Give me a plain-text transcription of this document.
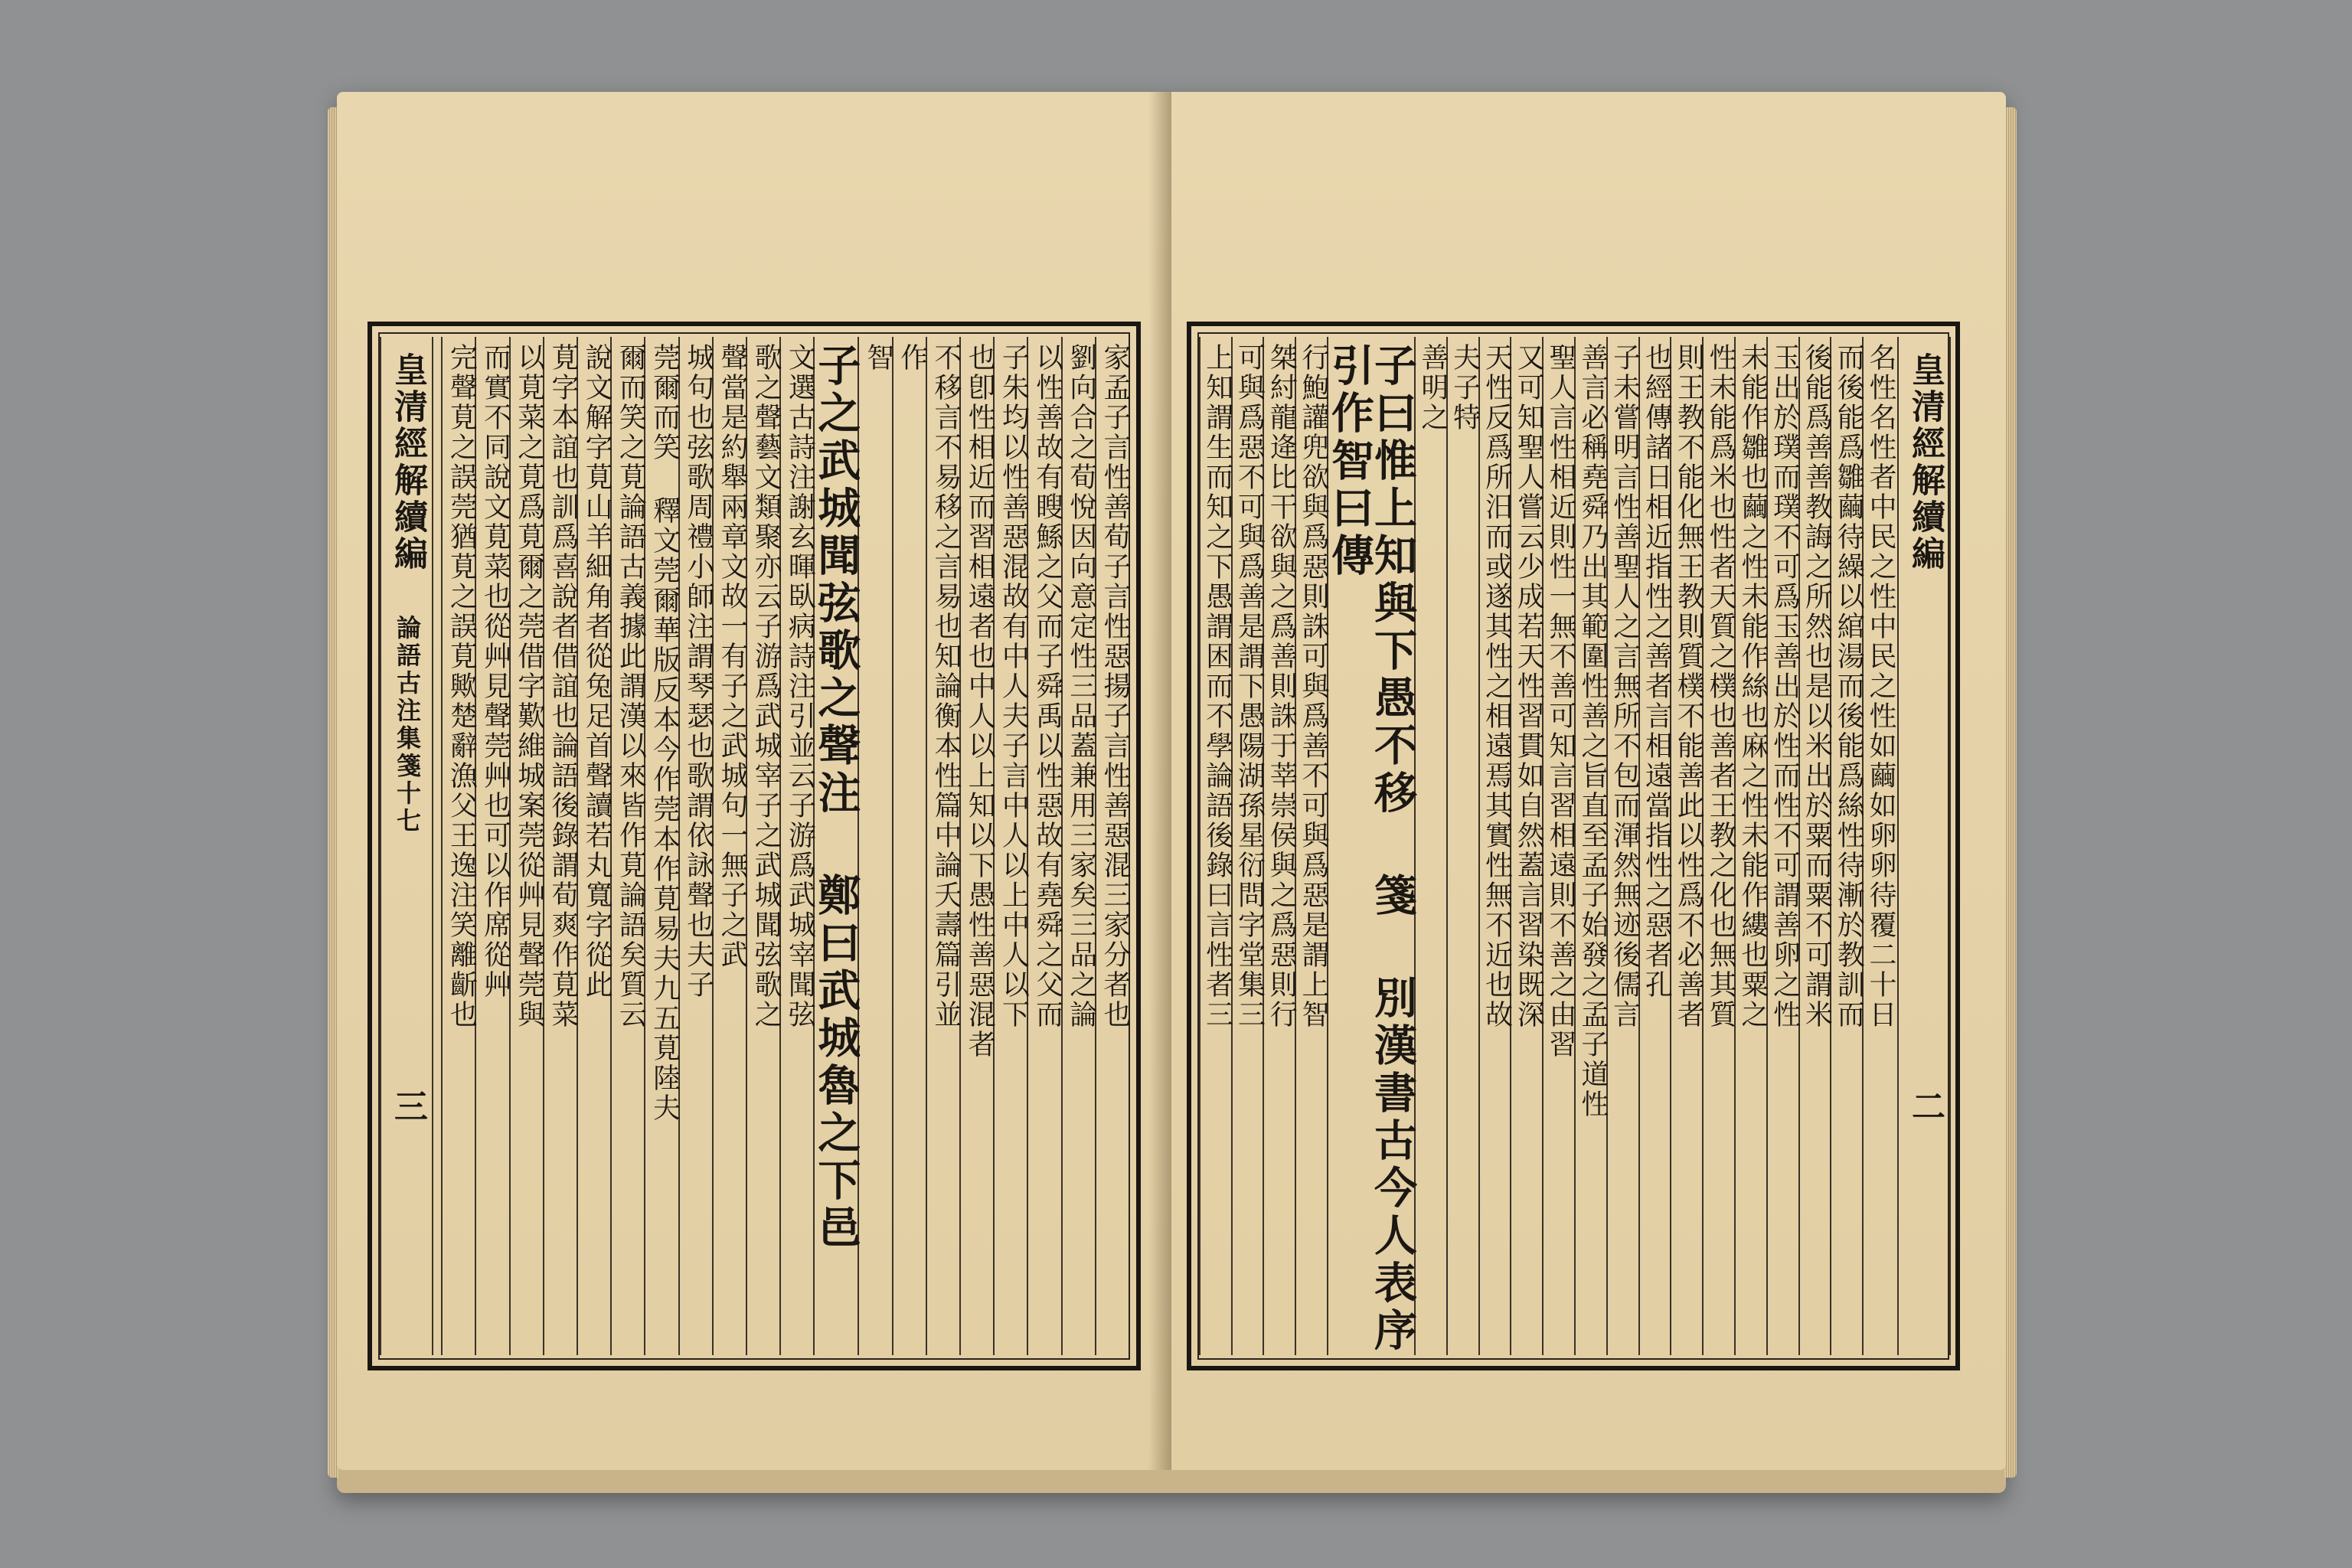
皇清經解續編 論語古注集箋十七
三
家孟子言性善荀子言性惡揚子言性善惡混三家分者也
劉向合之荀悅因向意定性三品蓋兼用三家矣三品之論
以性善故有瞍鯀之父而子舜禹以性惡故有堯舜之父而
子朱均以性善惡混故有中人夫子言中人以上中人以下
也卽性相近而習相遠者也中人以上知以下愚性善惡混者
不移言不易移之言易也知論衡本性篇中論夭壽篇引並
作
智
子之武城聞弦歌之聲注 鄭曰武城魯之下邑
文選古詩注謝玄暉臥病詩注引並云子游爲武城宰聞弦
歌之聲藝文類聚亦云子游爲武城宰子之武城聞弦歌之
聲當是約舉兩章文故一有子之武城句一無子之武
城句也弦歌周禮小師注謂琴瑟也歌謂依詠聲也夫子
莞爾而笑 釋文莞爾華版反本今作莞本作莧易夫九五莧陸夫
爾而笑之莧論語古義據此謂漢以來皆作莧論語矣質云
說文解字莧山羊細角者從兔足首聲讀若丸寬字從此
莧字本誼也訓爲喜說者借誼也論語後錄謂荀爽作莧菜
以莧菜之莧爲莧爾之莞借字歎維城案莞從艸見聲莞與
而實不同說文莧菜也從艸見聲莞艸也可以作席從艸
完聲莧之誤莞猶莧之誤莧歟楚辭漁父王逸注笑離齗也	皇清經解續編
二
名性名性者中民之性中民之性如繭如卵卵待覆二十日
而後能爲雛繭待繰以綰湯而後能爲絲性待漸於教訓而
後能爲善善教誨之所然也是以米出於粟而粟不可謂米
玉出於璞而璞不可爲玉善出於性而性不可謂善卵之性
未能作雛也繭之性未能作絲也麻之性未能作縷也粟之
性未能爲米也性者天質之樸也善者王教之化也無其質
則王教不能化無王教則質樸不能善此以性爲不必善者
也經傳諸日相近指性之善者言相遠當指性之惡者孔
子未嘗明言性善聖人之言無所不包而渾然無迹後儒言
善言必稱堯舜乃出其範圍性善之旨直至孟子始發之孟子道性
聖人言性相近則性一無不善可知言習相遠則不善之由習
又可知聖人嘗云少成若天性習貫如自然蓋言習染既深
天性反爲所汨而或遂其性之相遠焉其實性無不近也故
夫子特
善明之
子曰惟上知與下愚不移 箋 別漢書古今人表序引作智曰傳
行鮑讙兜欲與爲惡則誅可與爲善不可與爲惡是謂上智
桀紂龍逄比干欲與之爲善則誅于莘崇侯與之爲惡則行
可與爲惡不可與爲善是謂下愚陽湖孫星衍問字堂集三
上知謂生而知之下愚謂困而不學論語後錄曰言性者三
